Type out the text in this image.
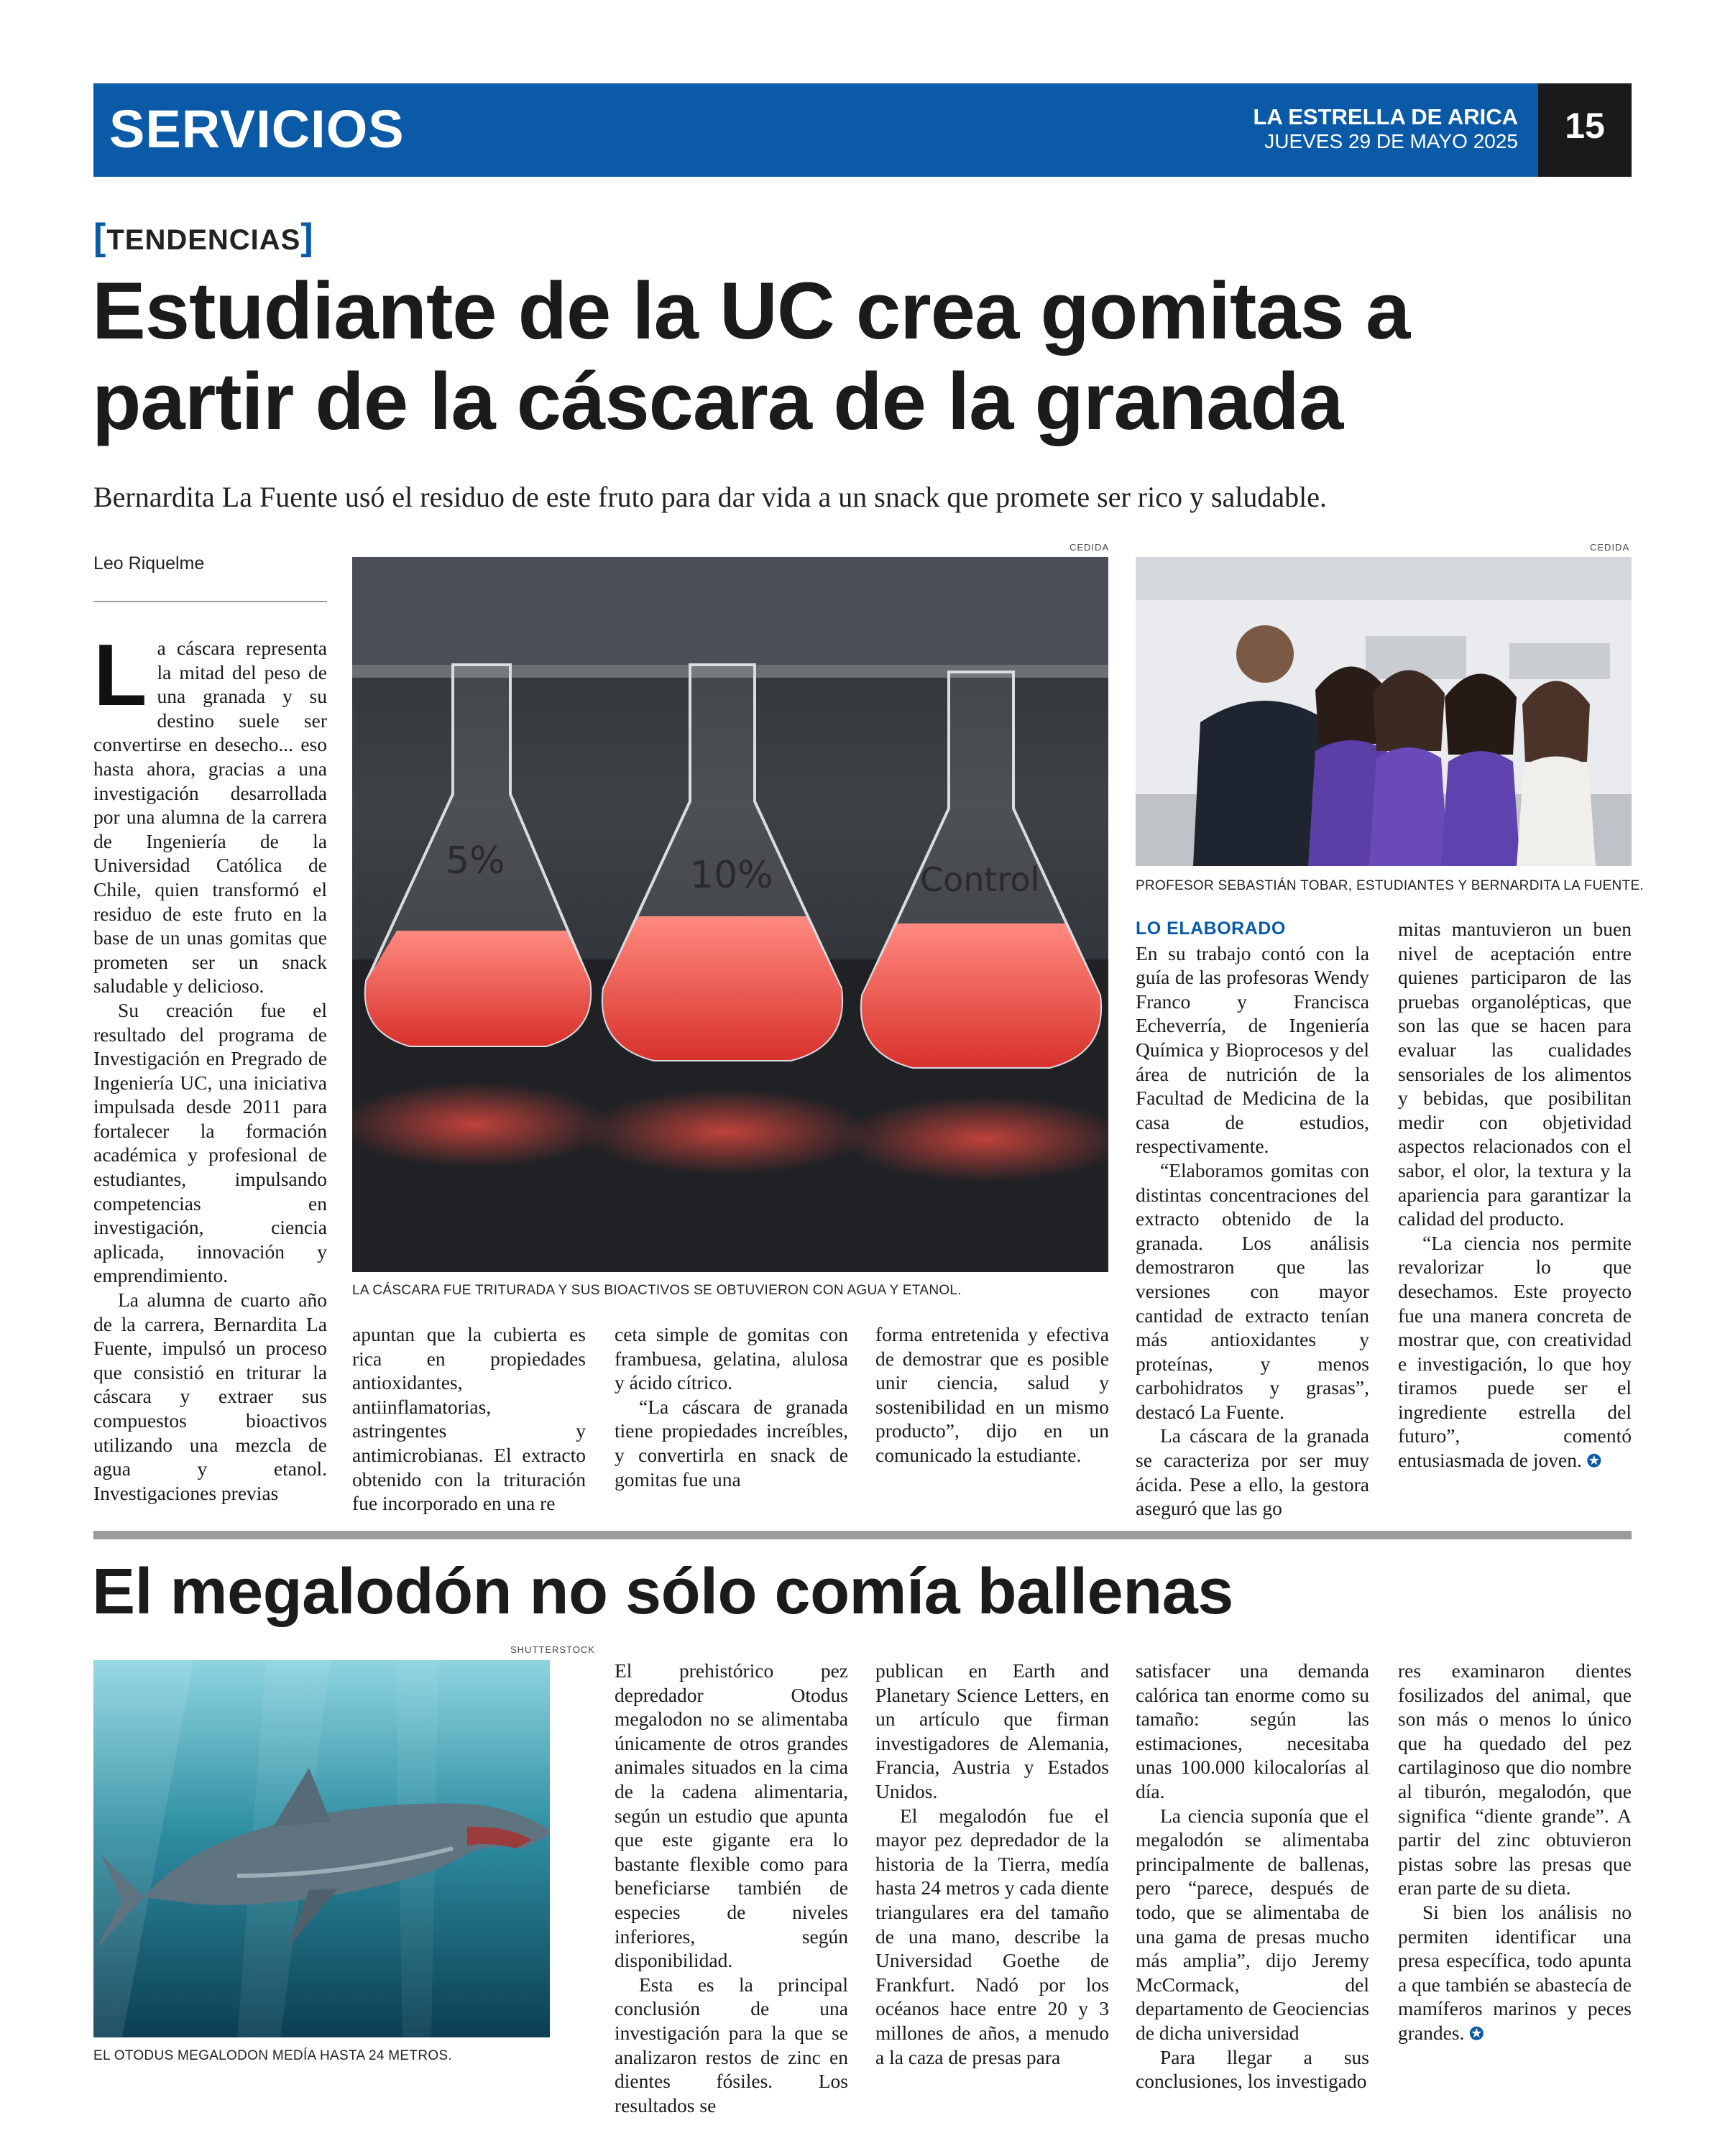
SERVICIOS	LA ESTRELLA DE ARICA
JUEVES 29 DE MAYO 2025	15
[TENDENCIAS]
Estudiante de la UC crea gomitas a partir de la cáscara de la granada
Bernardita La Fuente usó el residuo de este fruto para dar vida a un snack que promete ser rico y saludable.
Leo Riquelme

La cáscara representa la mitad del peso de una granada y su destino suele ser convertirse en desecho... eso hasta ahora, gracias a una investigación desarrollada por una alumna de la carrera de Ingeniería de la Universidad Católica de Chile, quien transformó el residuo de este fruto en la base de un unas gomitas que prometen ser un snack saludable y delicioso.

Su creación fue el resultado del programa de Investigación en Pregrado de Ingeniería UC, una iniciativa impulsada desde 2011 para fortalecer la formación académica y profesional de estudiantes, impulsando competencias en investigación, ciencia aplicada, innovación y emprendimiento.

La alumna de cuarto año de la carrera, Bernardita La Fuente, impulsó un proceso que consistió en triturar la cáscara y extraer sus compuestos bioactivos utilizando una mezcla de agua y etanol. Investigaciones previas

5%	10%	Control
CEDIDA
LA CÁSCARA FUE TRITURADA Y SUS BIOACTIVOS SE OBTUVIERON CON AGUA Y ETANOL.
CEDIDA
PROFESOR SEBASTIÁN TOBAR, ESTUDIANTES Y BERNARDITA LA FUENTE.

apuntan que la cubierta es rica en propiedades antioxidantes, antiinflamatorias, astringentes y antimicrobianas. El extracto obtenido con la trituración fue incorporado en una re

ceta simple de gomitas con frambuesa, gelatina, alulosa y ácido cítrico.

“La cáscara de granada tiene propiedades increíbles, y convertirla en snack de gomitas fue una

forma entretenida y efectiva de demostrar que es posible unir ciencia, salud y sostenibilidad en un mismo producto”, dijo en un comunicado la estudiante.

LO ELABORADO

En su trabajo contó con la guía de las profesoras Wendy Franco y Francisca Echeverría, de Ingeniería Química y Bioprocesos y del área de nutrición de la Facultad de Medicina de la casa de estudios, respectivamente.

“Elaboramos gomitas con distintas concentraciones del extracto obtenido de la granada. Los análisis demostraron que las versiones con mayor cantidad de extracto tenían más antioxidantes y proteínas, y menos carbohidratos y grasas”, destacó La Fuente.

La cáscara de la granada se caracteriza por ser muy ácida. Pese a ello, la gestora aseguró que las go

mitas mantuvieron un buen nivel de aceptación entre quienes participaron de las pruebas organolépticas, que son las que se hacen para evaluar las cualidades sensoriales de los alimentos y bebidas, que posibilitan medir con objetividad aspectos relacionados con el sabor, el olor, la textura y la apariencia para garantizar la calidad del producto.

“La ciencia nos permite revalorizar lo que desechamos. Este proyecto fue una manera concreta de mostrar que, con creatividad e investigación, lo que hoy tiramos puede ser el ingrediente estrella del futuro”, comentó entusiasmada de joven. ✪

El megalodón no sólo comía ballenas
SHUTTERSTOCK
EL OTODUS MEGALODON MEDÍA HASTA 24 METROS.

El prehistórico pez depredador Otodus megalodon no se alimentaba únicamente de otros grandes animales situados en la cima de la cadena alimentaria, según un estudio que apunta que este gigante era lo bastante flexible como para beneficiarse también de especies de niveles inferiores, según disponibilidad.

Esta es la principal conclusión de una investigación para la que se analizaron restos de zinc en dientes fósiles. Los resultados se

publican en Earth and Planetary Science Letters, en un artículo que firman investigadores de Alemania, Francia, Austria y Estados Unidos.

El megalodón fue el mayor pez depredador de la historia de la Tierra, medía hasta 24 metros y cada diente triangulares era del tamaño de una mano, describe la Universidad Goethe de Frankfurt. Nadó por los océanos hace entre 20 y 3 millones de años, a menudo a la caza de presas para

satisfacer una demanda calórica tan enorme como su tamaño: según las estimaciones, necesitaba unas 100.000 kilocalorías al día.

La ciencia suponía que el megalodón se alimentaba principalmente de ballenas, pero “parece, después de todo, que se alimentaba de una gama de presas mucho más amplia”, dijo Jeremy McCormack, del departamento de Geociencias de dicha universidad

Para llegar a sus conclusiones, los investigado

res examinaron dientes fosilizados del animal, que son más o menos lo único que ha quedado del pez cartilaginoso que dio nombre al tiburón, megalodón, que significa “diente grande”. A partir del zinc obtuvieron pistas sobre las presas que eran parte de su dieta.

Si bien los análisis no permiten identificar una presa específica, todo apunta a que también se abastecía de mamíferos marinos y peces grandes. ✪
